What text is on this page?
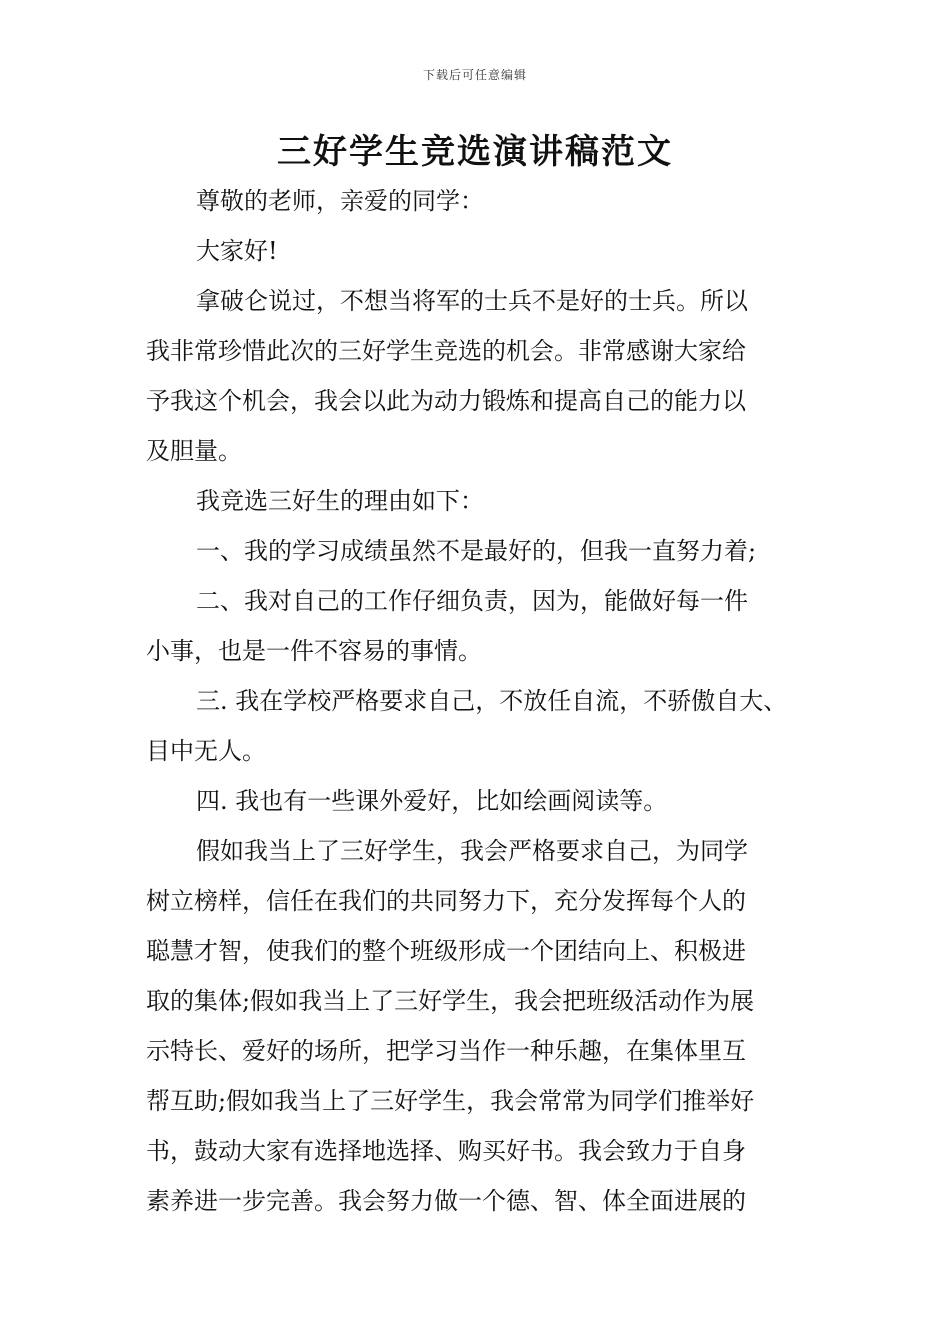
下载后可任意编辑
三好学生竞选演讲稿范文
尊敬的老师，亲爱的同学：
大家好!
拿破仑说过，不想当将军的士兵不是好的士兵。所以
我非常珍惜此次的三好学生竞选的机会。非常感谢大家给
予我这个机会，我会以此为动力锻炼和提高自己的能力以
及胆量。
我竞选三好生的理由如下：
一、我的学习成绩虽然不是最好的，但我一直努力着;
二、我对自己的工作仔细负责，因为，能做好每一件
小事，也是一件不容易的事情。
三. 我在学校严格要求自己，不放任自流，不骄傲自大、
目中无人。
四. 我也有一些课外爱好，比如绘画阅读等。
假如我当上了三好学生，我会严格要求自己，为同学
树立榜样，信任在我们的共同努力下，充分发挥每个人的
聪慧才智，使我们的整个班级形成一个团结向上、积极进
取的集体;假如我当上了三好学生，我会把班级活动作为展
示特长、爱好的场所，把学习当作一种乐趣，在集体里互
帮互助;假如我当上了三好学生，我会常常为同学们推举好
书，鼓动大家有选择地选择、购买好书。我会致力于自身
素养进一步完善。我会努力做一个德、智、体全面进展的
